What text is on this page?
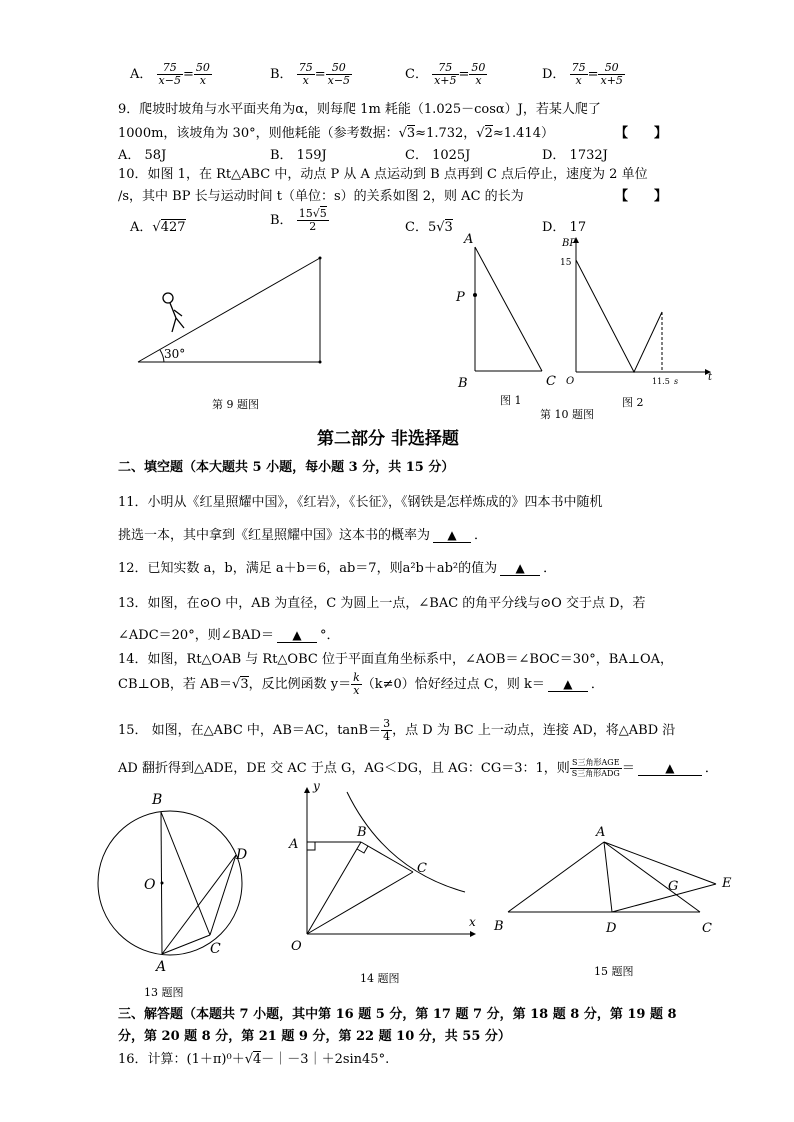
A． $\frac{75}{x-5} = \frac{50}{x}$	B． $\frac{75}{x} = \frac{50}{x-5}$	C． $\frac{75}{x+5} = \frac{50}{x}$	D． $\frac{75}{x} = \frac{50}{x+5}$
9．爬坡时坡角与水平面夹角为α，则每爬 1m 耗能（1.025－cosα）J，若某人爬了
1000m，该坡角为 30°，则他耗能（参考数据：√3≈1.732，√2≈1.414）	【　　】
A． 58J	B． 159J	C． 1025J	D． 1732J
10．如图 1，在 Rt△ABC 中，动点 P 从 A 点运动到 B 点再到 C 点后停止，速度为 2 单位
/s，其中 BP 长与运动时间 t（单位：s）的关系如图 2，则 AC 的长为	【　　】
A．√427	B． $\frac{15√5}{2}$	C．5√3	D． 17
30°
第 9 题图
A
P
B	C
图 1
BP
15
O	11.5 s	t
图 2
第 10 题图
第二部分 非选择题
二、填空题（本大题共 5 小题，每小题 3 分，共 15 分）
11．小明从《红星照耀中国》，《红岩》，《长征》，《钢铁是怎样炼成的》四本书中随机
挑选一本，其中拿到《红星照耀中国》这本书的概率为 ▲ ．
12．已知实数 a，b，满足 a＋b＝6，ab＝7，则a²b＋ab²的值为 ▲ ．
13．如图，在⊙O 中，AB 为直径，C 为圆上一点，∠BAC 的角平分线与⊙O 交于点 D，若
∠ADC＝20°，则∠BAD＝ ▲ °．
14．如图，Rt△OAB 与 Rt△OBC 位于平面直角坐标系中，∠AOB＝∠BOC＝30°，BA⊥OA，
CB⊥OB，若 AB＝√3，反比例函数 $y= \frac{k}{x} (k\ne 0)$恰好经过点 C，则 k＝ ▲ ．
15． 如图，在△ABC 中，AB＝AC，$\tan B= \frac{3}{4}$ ，点 D 为 BC 上一动点，连接 AD，将△ABD 沿
AD 翻折得到△ADE，DE 交 AC 于点 G，AG＜DG，且 AG：CG＝3：1，则 $\frac{\text{S三角形AGE}}{\text{S三角形ADG}}$ ＝	▲ ．
B
O
D
C
A
13 题图
y
A
B
C
O
x
14 题图
A
G	E
B	D	C
15 题图
三、解答题（本题共 7 小题，其中第 16 题 5 分，第 17 题 7 分，第 18 题 8 分，第 19 题 8
分，第 20 题 8 分，第 21 题 9 分，第 22 题 10 分，共 55 分）
16．计算：(1＋π)⁰＋√4－｜－3｜＋2sin45°.
